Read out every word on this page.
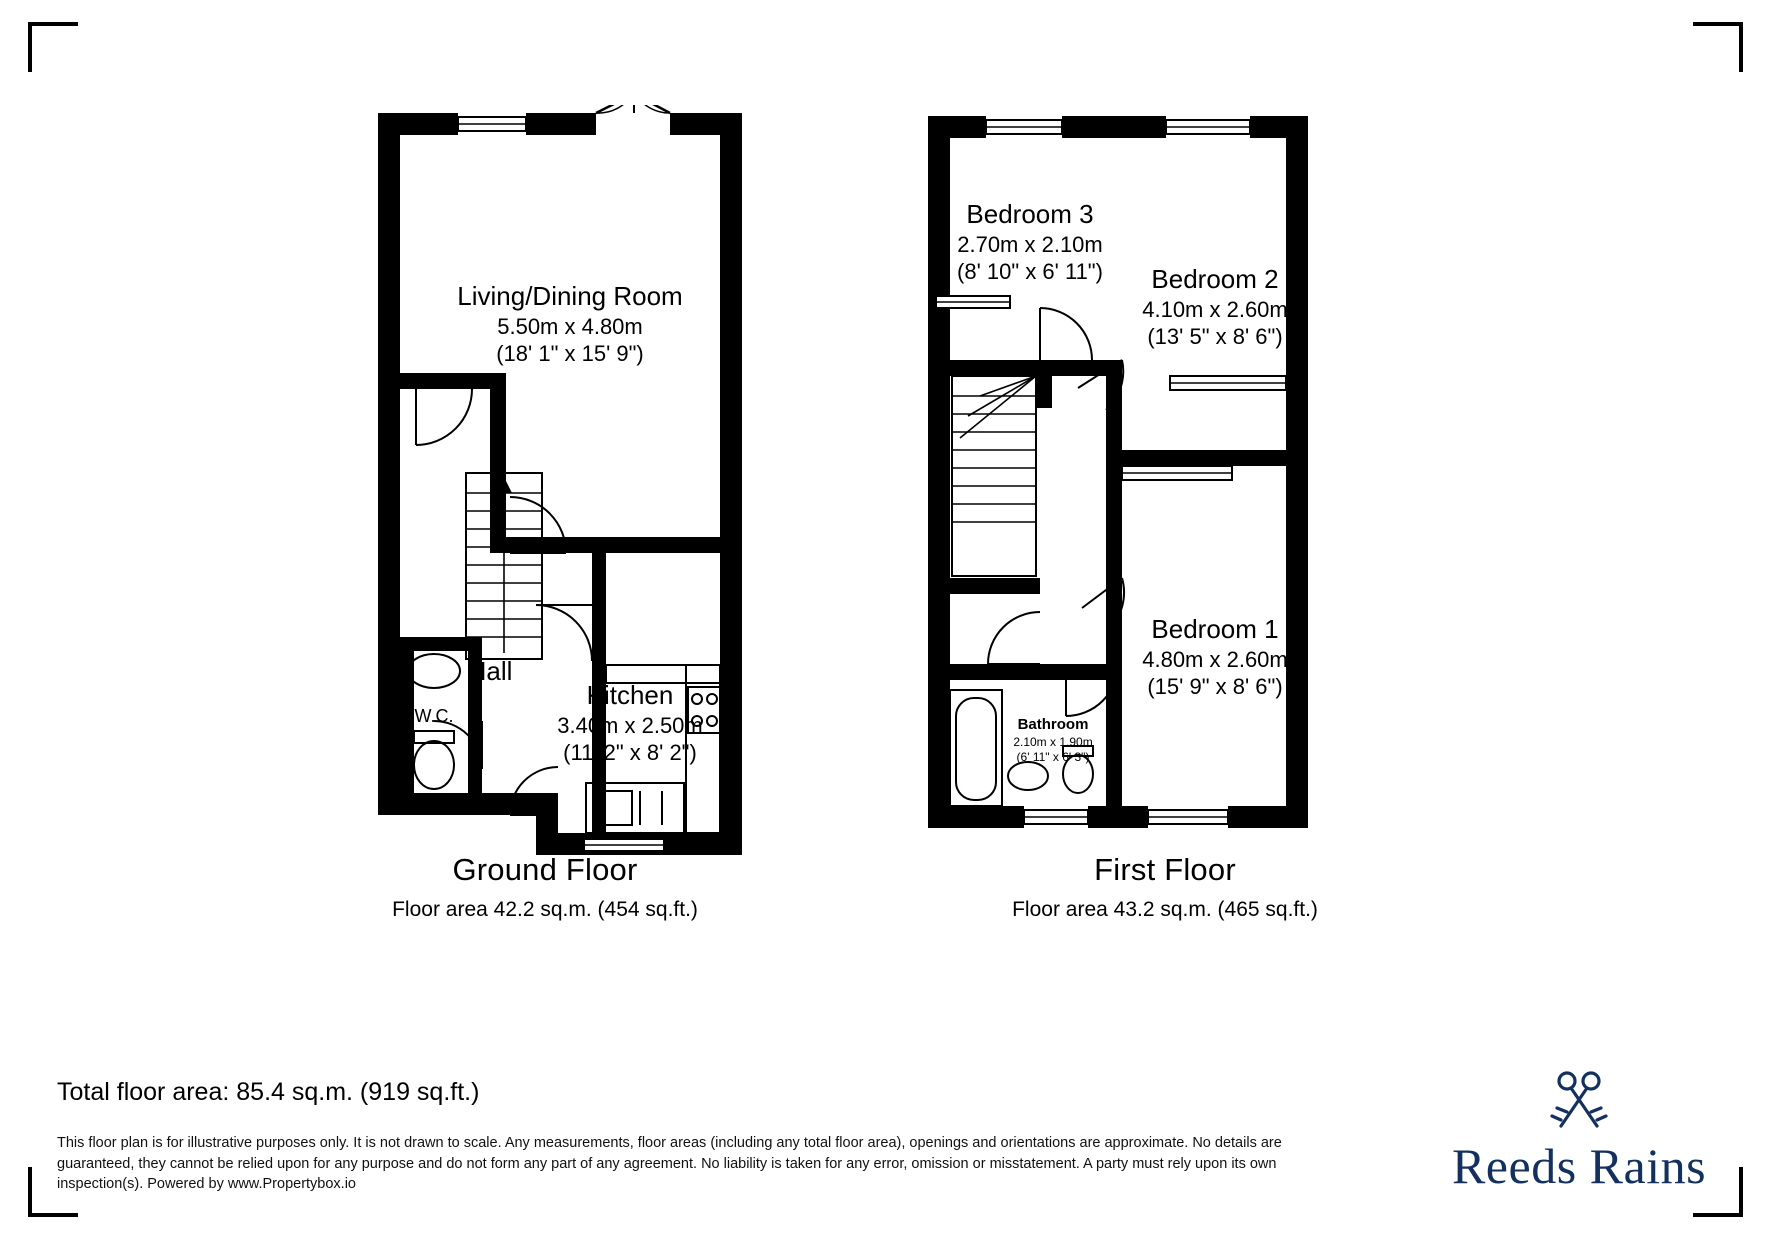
Living/Dining Room
5.50m x 4.80m
(18' 1" x 15' 9")
Hall
Kitchen
3.40m x 2.50m
(11' 2" x 8' 2")
W.C.
Ground Floor
Floor area 42.2 sq.m. (454 sq.ft.)
Bedroom 3
2.70m x 2.10m
(8' 10" x 6' 11")	Bedroom 2
4.10m x 2.60m
(13' 5" x 8' 6")
Bedroom 1
4.80m x 2.60m
(15' 9" x 8' 6")
Bathroom
2.10m x 1.90m
(6' 11" x 6' 3")
First Floor
Floor area 43.2 sq.m. (465 sq.ft.)
Total floor area: 85.4 sq.m. (919 sq.ft.)
This floor plan is for illustrative purposes only. It is not drawn to scale. Any measurements, floor areas (including any total floor area), openings and orientations are approximate. No details are guaranteed, they cannot be relied upon for any purpose and do not form any part of any agreement. No liability is taken for any error, omission or misstatement. A party must rely upon its own inspection(s). Powered by www.Propertybox.io	Reeds Rains
